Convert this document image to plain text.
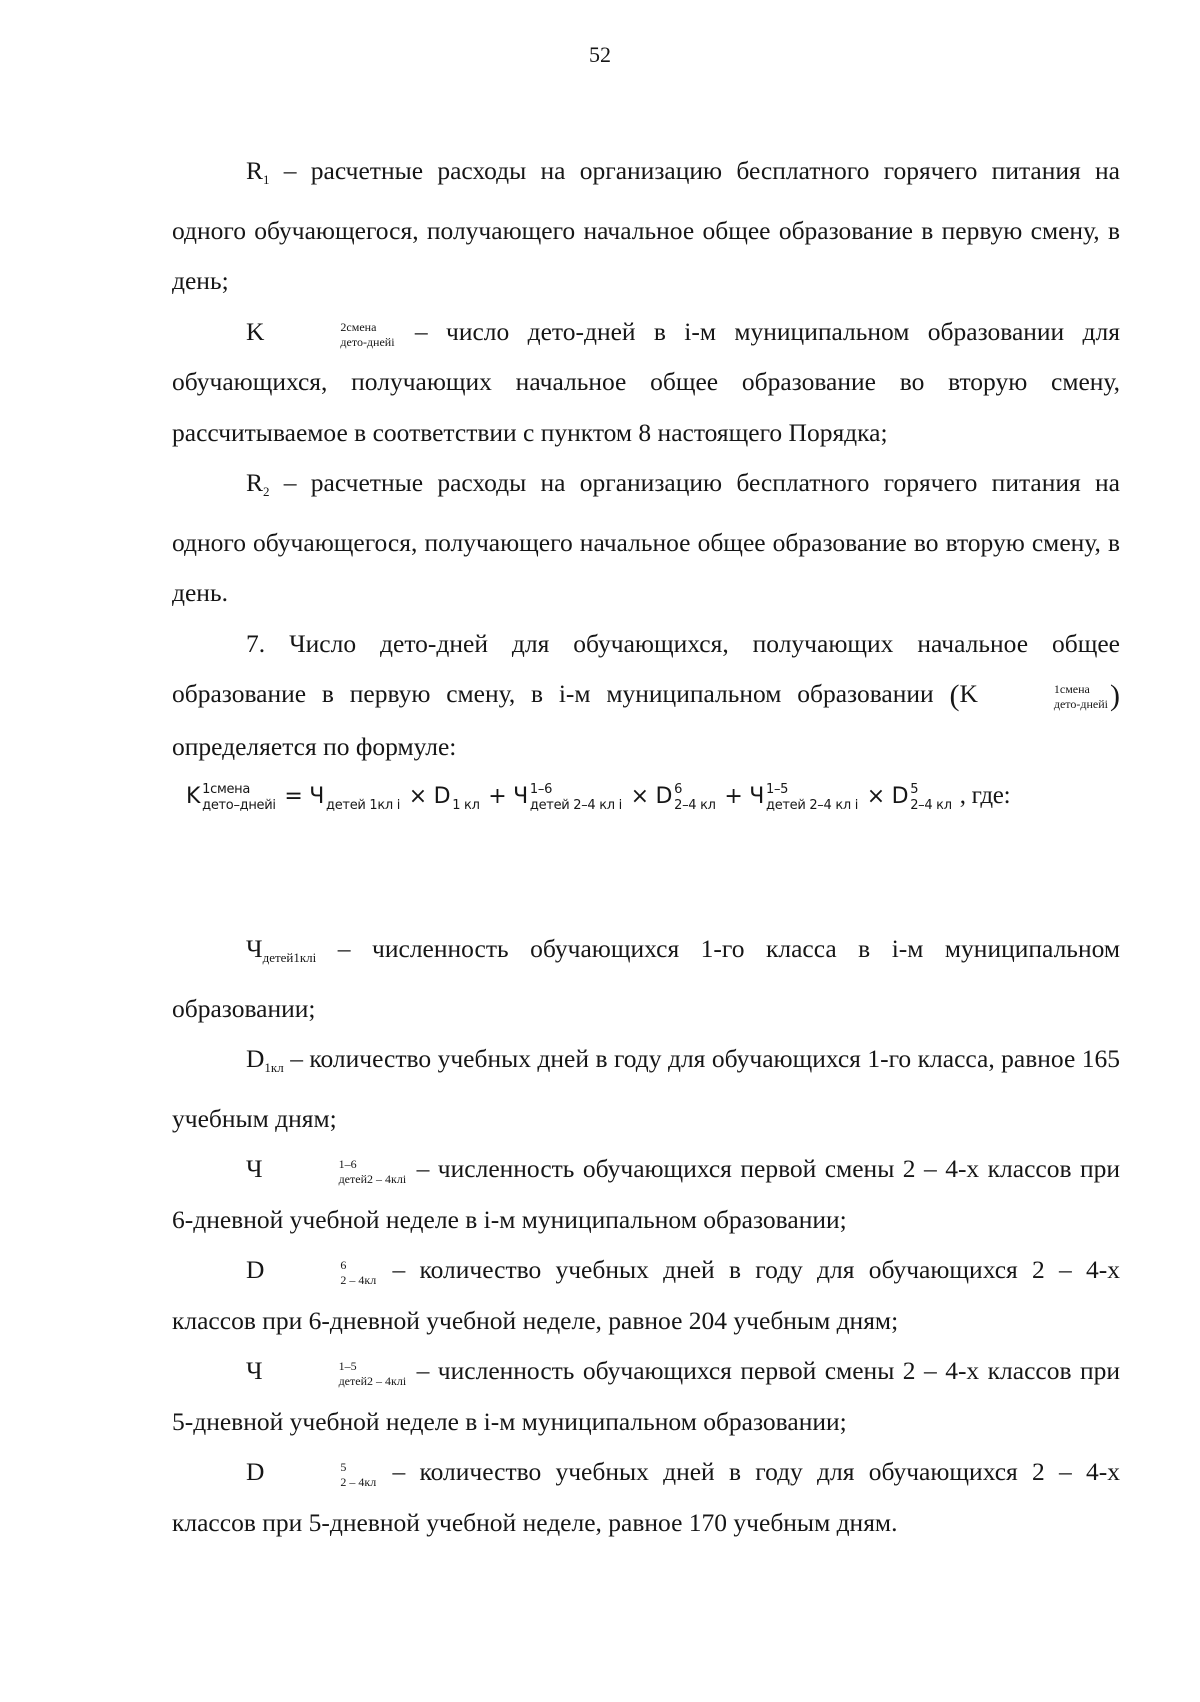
52

$R_1$ – расчетные расходы на организацию бесплатного горячего питания на одного обучающегося, получающего начальное общее образование в первую смену, в день;

K	2смена
дето-днейi – число дето-дней в i-м муниципальном образовании для обучающихся, получающих начальное общее образование во вторую смену, рассчитываемое в соответствии с пунктом 8 настоящего Порядка;

$R_2$ – расчетные расходы на организацию бесплатного горячего питания на одного обучающегося, получающего начальное общее образование во вторую смену, в день.

7. Число дето-дней для обучающихся, получающих начальное общее образование в первую смену, в i-м муниципальном образовании (K	1смена
дето-днейi ) определяется по формуле:

$Ч_{детей1клi}$ – численность обучающихся 1-го класса в i-м муниципальном образовании;

$D_{1кл}$ – количество учебных дней в году для обучающихся 1-го класса, равное 165 учебным дням;

Ч	1–6
детей2 – 4клi – численность обучающихся первой смены 2 – 4-х классов при 6-дневной учебной неделе в i-м муниципальном образовании;

D	6
2 – 4кл – количество учебных дней в году для обучающихся 2 – 4-х классов при 6-дневной учебной неделе, равное 204 учебным дням;

Ч	1–5
детей2 – 4клi – численность обучающихся первой смены 2 – 4-х классов при 5-дневной учебной неделе в i-м муниципальном образовании;

D	5
2 – 4кл – количество учебных дней в году для обучающихся 2 – 4-х классов при 5-дневной учебной неделе, равное 170 учебным дням.

K 1смена
дето–днейi = Ч
детей 1кл i × D
1 кл + Ч 1–6
детей 2–4 кл i × D 6
2–4 кл + Ч 1–5
детей 2–4 кл i × D 5
2–4 кл , где:
